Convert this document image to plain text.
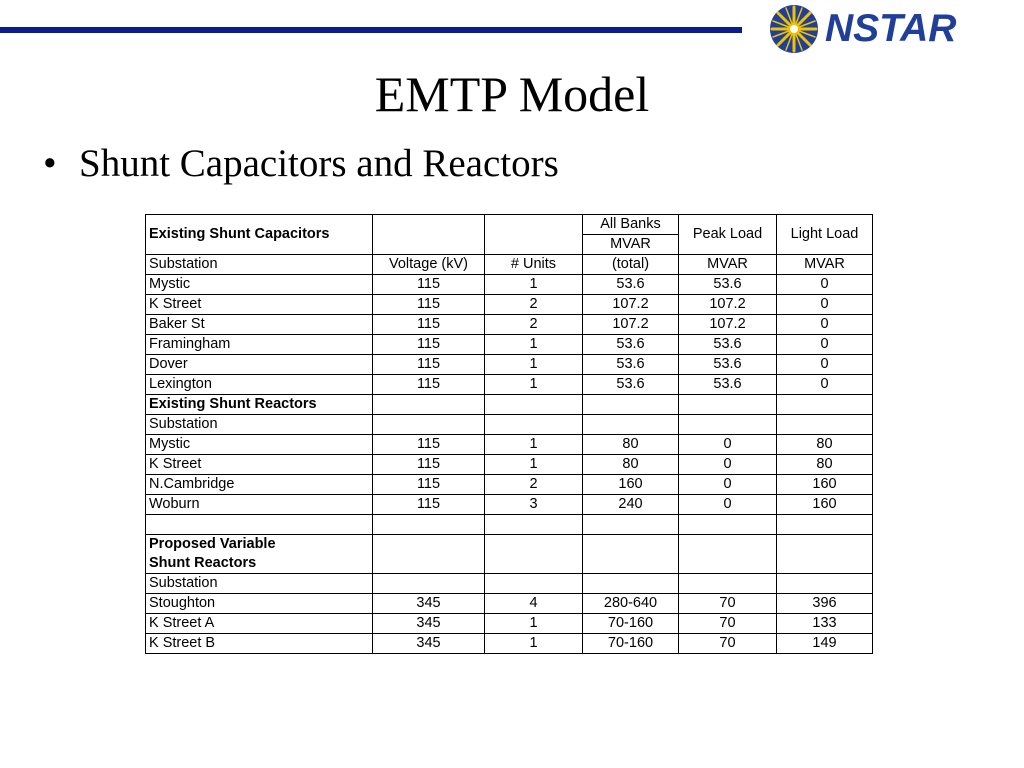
NSTAR
EMTP Model
• Shunt Capacitors and Reactors
Existing Shunt Capacitors			All Banks	Peak Load	Light Load
			MVAR		
Substation	Voltage (kV)	# Units	(total)	MVAR	MVAR
Mystic	115	1	53.6	53.6	0
K Street	115	2	107.2	107.2	0
Baker St	115	2	107.2	107.2	0
Framingham	115	1	53.6	53.6	0
Dover	115	1	53.6	53.6	0
Lexington	115	1	53.6	53.6	0
Existing Shunt Reactors					
Substation					
Mystic	115	1	80	0	80
K Street	115	1	80	0	80
N.Cambridge	115	2	160	0	160
Woburn	115	3	240	0	160

Proposed Variable
Shunt Reactors					
Substation					
Stoughton	345	4	280-640	70	396
K Street A	345	1	70-160	70	133
K Street B	345	1	70-160	70	149
